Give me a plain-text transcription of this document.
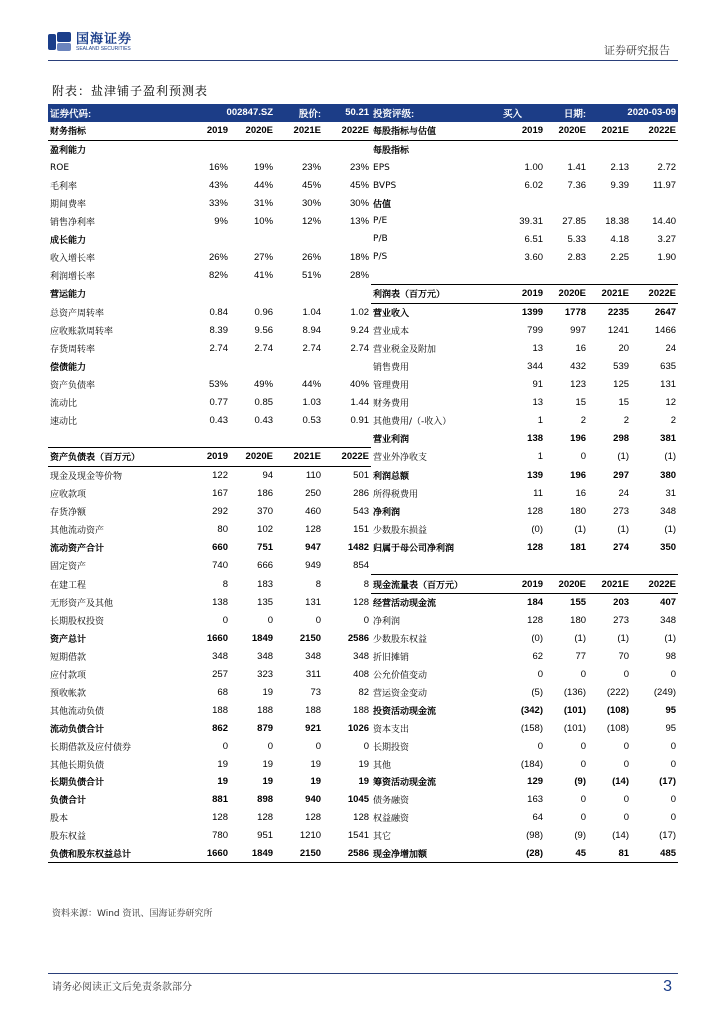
国海证券
SEALAND SECURITIES	证券研究报告
附表：盐津铺子盈利预测表
证券代码:	002847.SZ		股价:	50.21	投资评级:	买入	日期:	2020-03-09	
财务指标	2019	2020E	2021E	2022E	每股指标与估值	2019	2020E	2021E	2022E
盈利能力					每股指标				
ROE	16%	19%	23%	23%	EPS	1.00	1.41	2.13	2.72
毛利率	43%	44%	45%	45%	BVPS	6.02	7.36	9.39	11.97
期间费率	33%	31%	30%	30%	估值				
销售净利率	9%	10%	12%	13%	P/E	39.31	27.85	18.38	14.40
成长能力					P/B	6.51	5.33	4.18	3.27
收入增长率	26%	27%	26%	18%	P/S	3.60	2.83	2.25	1.90
利润增长率	82%	41%	51%	28%					
营运能力					利润表（百万元）	2019	2020E	2021E	2022E
总资产周转率	0.84	0.96	1.04	1.02	营业收入	1399	1778	2235	2647
应收账款周转率	8.39	9.56	8.94	9.24	营业成本	799	997	1241	1466
存货周转率	2.74	2.74	2.74	2.74	营业税金及附加	13	16	20	24
偿债能力					销售费用	344	432	539	635
资产负债率	53%	49%	44%	40%	管理费用	91	123	125	131
流动比	0.77	0.85	1.03	1.44	财务费用	13	15	15	12
速动比	0.43	0.43	0.53	0.91	其他费用/（-收入）	1	2	2	2
					营业利润	138	196	298	381
资产负债表（百万元）	2019	2020E	2021E	2022E	营业外净收支	1	0	(1)	(1)
现金及现金等价物	122	94	110	501	利润总额	139	196	297	380
应收款项	167	186	250	286	所得税费用	11	16	24	31
存货净额	292	370	460	543	净利润	128	180	273	348
其他流动资产	80	102	128	151	少数股东损益	(0)	(1)	(1)	(1)
流动资产合计	660	751	947	1482	归属于母公司净利润	128	181	274	350
固定资产	740	666	949	854					
在建工程	8	183	8	8	现金流量表（百万元）	2019	2020E	2021E	2022E
无形资产及其他	138	135	131	128	经营活动现金流	184	155	203	407
长期股权投资	0	0	0	0	净利润	128	180	273	348
资产总计	1660	1849	2150	2586	少数股东权益	(0)	(1)	(1)	(1)
短期借款	348	348	348	348	折旧摊销	62	77	70	98
应付款项	257	323	311	408	公允价值变动	0	0	0	0
预收帐款	68	19	73	82	营运资金变动	(5)	(136)	(222)	(249)
其他流动负债	188	188	188	188	投资活动现金流	(342)	(101)	(108)	95
流动负债合计	862	879	921	1026	资本支出	(158)	(101)	(108)	95
长期借款及应付债券	0	0	0	0	长期投资	0	0	0	0
其他长期负债	19	19	19	19	其他	(184)	0	0	0
长期负债合计	19	19	19	19	筹资活动现金流	129	(9)	(14)	(17)
负债合计	881	898	940	1045	债务融资	163	0	0	0
股本	128	128	128	128	权益融资	64	0	0	0
股东权益	780	951	1210	1541	其它	(98)	(9)	(14)	(17)
负债和股东权益总计	1660	1849	2150	2586	现金净增加额	(28)	45	81	485
资料来源：Wind 资讯、国海证券研究所
请务必阅读正文后免责条款部分	3
